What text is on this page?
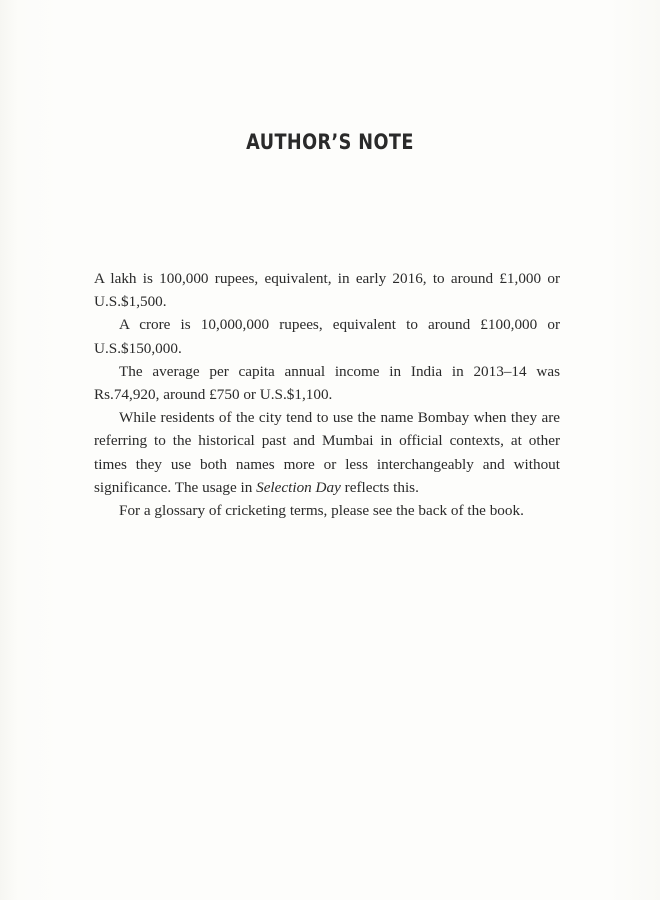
AUTHOR’S NOTE

A lakh is 100,000 rupees, equivalent, in early 2016, to around £1,000 or U.S.$1,500.

A crore is 10,000,000 rupees, equivalent to around £100,000 or U.S.$150,000.

The average per capita annual income in India in 2013–14 was Rs.74,920, around £750 or U.S.$1,100.

While residents of the city tend to use the name Bombay when they are referring to the historical past and Mumbai in official contexts, at other times they use both names more or less interchangeably and without significance. The usage in Selection Day reflects this.

For a glossary of cricketing terms, please see the back of the book.
